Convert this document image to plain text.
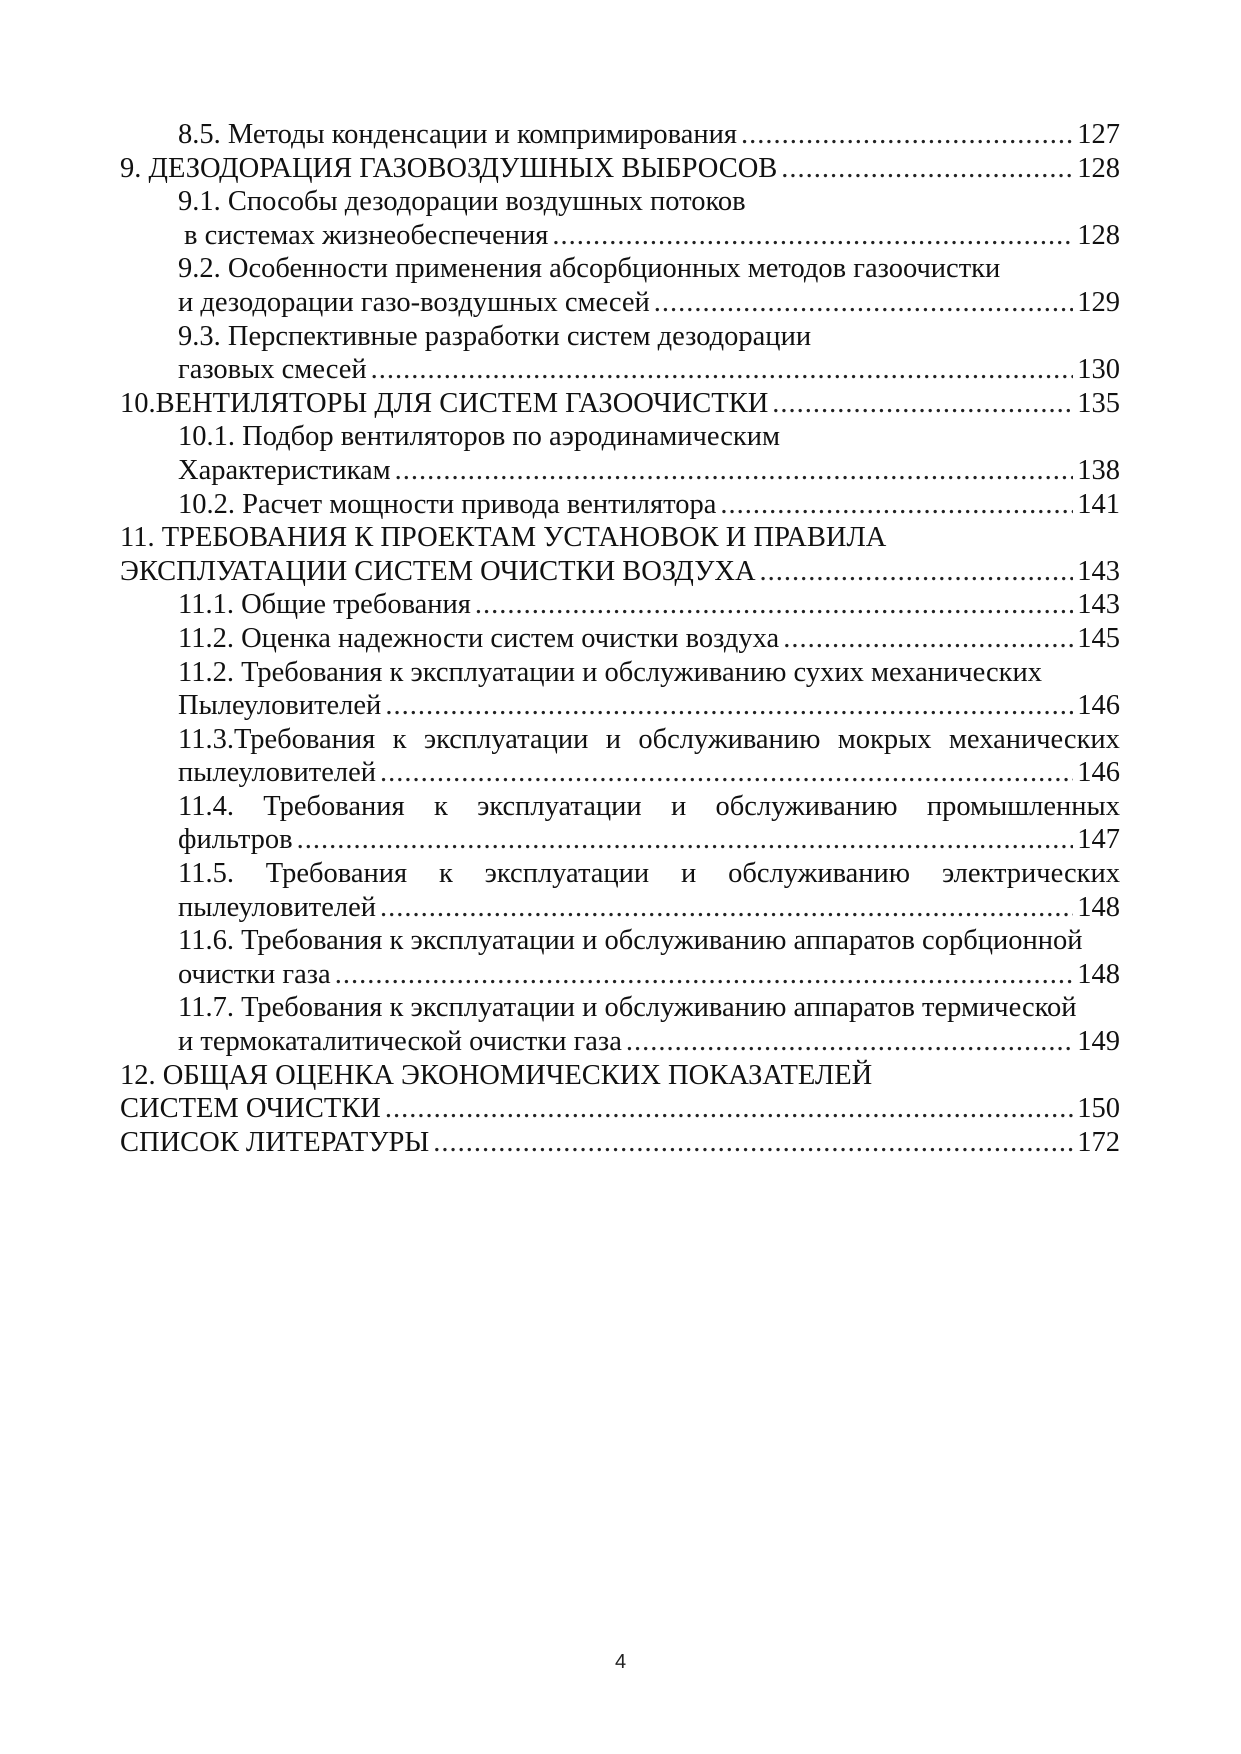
8.5. Методы конденсации и компримирования .....	127
9. ДЕЗОДОРАЦИЯ ГАЗОВОЗДУШНЫХ ВЫБРОСОВ .....	128
9.1. Способы дезодорации воздушных потоков
в системах жизнеобеспечения .....	128
9.2. Особенности применения абсорбционных методов газоочистки
и дезодорации газо-воздушных смесей .....	129
9.3. Перспективные разработки систем дезодорации
газовых смесей .....	130
10.ВЕНТИЛЯТОРЫ ДЛЯ СИСТЕМ ГАЗООЧИСТКИ .....	135
10.1. Подбор вентиляторов по аэродинамическим
Характеристикам .....	138
10.2. Расчет мощности привода вентилятора .....	141
11. ТРЕБОВАНИЯ К ПРОЕКТАМ УСТАНОВОК И ПРАВИЛА
ЭКСПЛУАТАЦИИ СИСТЕМ ОЧИСТКИ ВОЗДУХА .....	143
11.1. Общие требования .....	143
11.2. Оценка надежности систем очистки воздуха .....	145
11.2. Требования к эксплуатации и обслуживанию сухих механических
Пылеуловителей .....	146
11.3.Требования к эксплуатации и обслуживанию мокрых механических
пылеуловителей .....	146
11.4. Требования к эксплуатации и обслуживанию промышленных
фильтров .....	147
11.5. Требования к эксплуатации и обслуживанию электрических
пылеуловителей .....	148
11.6. Требования к эксплуатации и обслуживанию аппаратов сорбционной
очистки газа .....	148
11.7. Требования к эксплуатации и обслуживанию аппаратов термической
и термокаталитической очистки газа .....	149
12. ОБЩАЯ ОЦЕНКА ЭКОНОМИЧЕСКИХ ПОКАЗАТЕЛЕЙ
СИСТЕМ ОЧИСТКИ .....	150
СПИСОК ЛИТЕРАТУРЫ .....	172
4
